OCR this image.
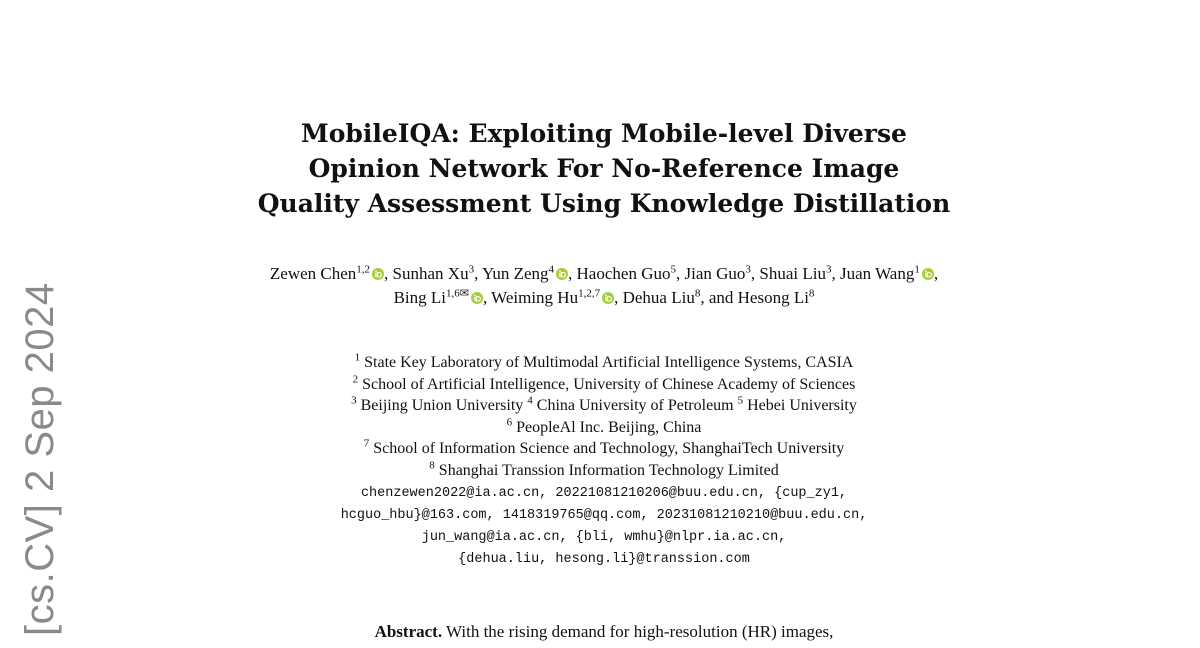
[cs.CV] 2 Sep 2024
MobileIQA: Exploiting Mobile-level Diverse
Opinion Network For No-Reference Image
Quality Assessment Using Knowledge Distillation
Zewen Chen$^{1,2}$ , Sunhan Xu$^3$, Yun Zeng$^4$ , Haochen Guo$^5$, Jian Guo$^3$, Shuai Liu$^3$, Juan Wang$^1$ , Bing $Li^{1,6✉}$ , Weiming Hu$^{1,2,7}$ , Dehua Liu$^8$, and Hesong Li$^8$
$^1$ State Key Laboratory of Multimodal Artificial Intelligence Systems, CASIA
$^2$ School of Artificial Intelligence, University of Chinese Academy of Sciences
$^3$ Beijing Union University $^4$ China University of Petroleum $^5$ Hebei University
$^6$ PeopleAl Inc. Beijing, China
$^7$ School of Information Science and Technology, ShanghaiTech University
$^8$ Shanghai Transsion Information Technology Limited
chenzewen2022@ia.ac.cn, 20221081210206@buu.edu.cn, {cup_zy1,
hcguo_hbu}@163.com, 1418319765@qq.com, 20231081210210@buu.edu.cn,
jun_wang@ia.ac.cn, {bli, wmhu}@nlpr.ia.ac.cn,
{dehua.liu, hesong.li}@transsion.com
Abstract. With the rising demand for high-resolution (HR) images,
